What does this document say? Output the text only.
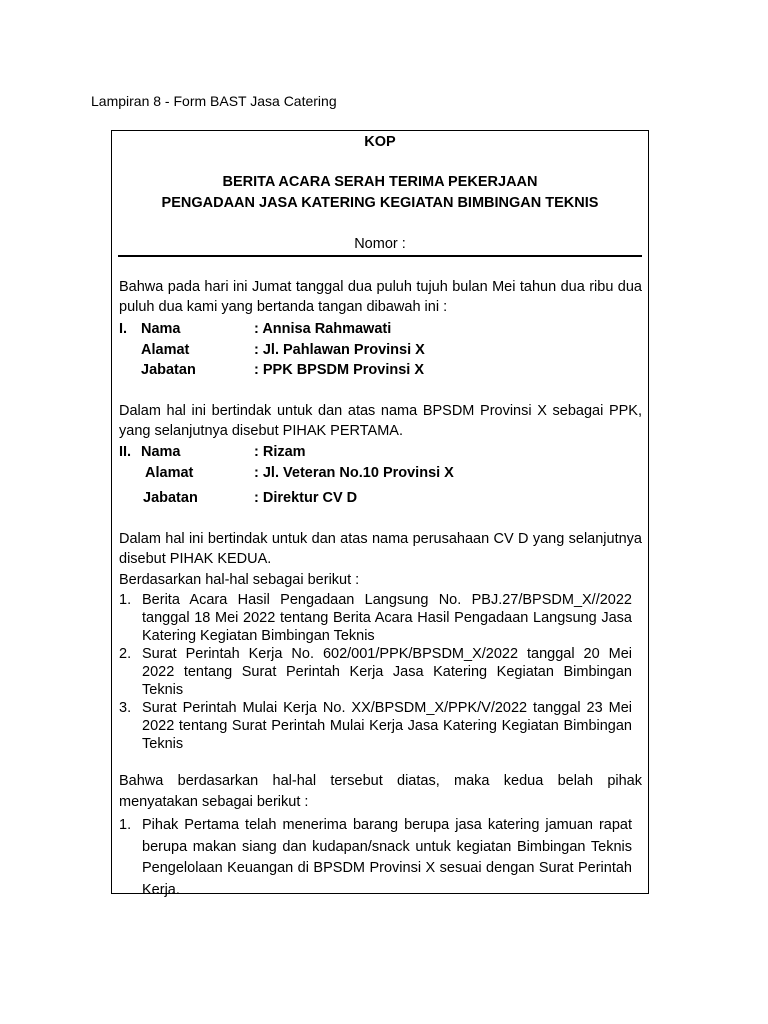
Lampiran 8 - Form BAST Jasa Catering

KOP
BERITA ACARA SERAH TERIMA PEKERJAAN
PENGADAAN JASA KATERING KEGIATAN BIMBINGAN TEKNIS
Nomor :

Bahwa pada hari ini Jumat tanggal dua puluh tujuh bulan Mei tahun dua ribu dua puluh dua kami yang bertanda tangan dibawah ini :

I. Nama	: Annisa Rahmawati
Alamat	: Jl. Pahlawan Provinsi X
Jabatan	: PPK BPSDM Provinsi X

Dalam hal ini bertindak untuk dan atas nama BPSDM Provinsi X sebagai PPK, yang selanjutnya disebut PIHAK PERTAMA.

II. Nama	: Rizam
Alamat	: Jl. Veteran No.10 Provinsi X
Jabatan	: Direktur CV D

Dalam hal ini bertindak untuk dan atas nama perusahaan CV D yang selanjutnya disebut PIHAK KEDUA.

Berdasarkan hal-hal sebagai berikut :
1. Berita Acara Hasil Pengadaan Langsung No. PBJ.27/BPSDM_X//2022 tanggal 18 Mei 2022 tentang Berita Acara Hasil Pengadaan Langsung Jasa Katering Kegiatan Bimbingan Teknis

2. Surat Perintah Kerja No. 602/001/PPK/BPSDM_X/2022 tanggal 20 Mei 2022 tentang Surat Perintah Kerja Jasa Katering Kegiatan Bimbingan Teknis

3. Surat Perintah Mulai Kerja No. XX/BPSDM_X/PPK/V/2022 tanggal 23 Mei 2022 tentang Surat Perintah Mulai Kerja Jasa Katering Kegiatan Bimbingan Teknis

Bahwa berdasarkan hal-hal tersebut diatas, maka kedua belah pihak menyatakan sebagai berikut :

1. Pihak Pertama telah menerima barang berupa jasa katering jamuan rapat berupa makan siang dan kudapan/snack untuk kegiatan Bimbingan Teknis Pengelolaan Keuangan di BPSDM Provinsi X sesuai dengan Surat Perintah Kerja.
